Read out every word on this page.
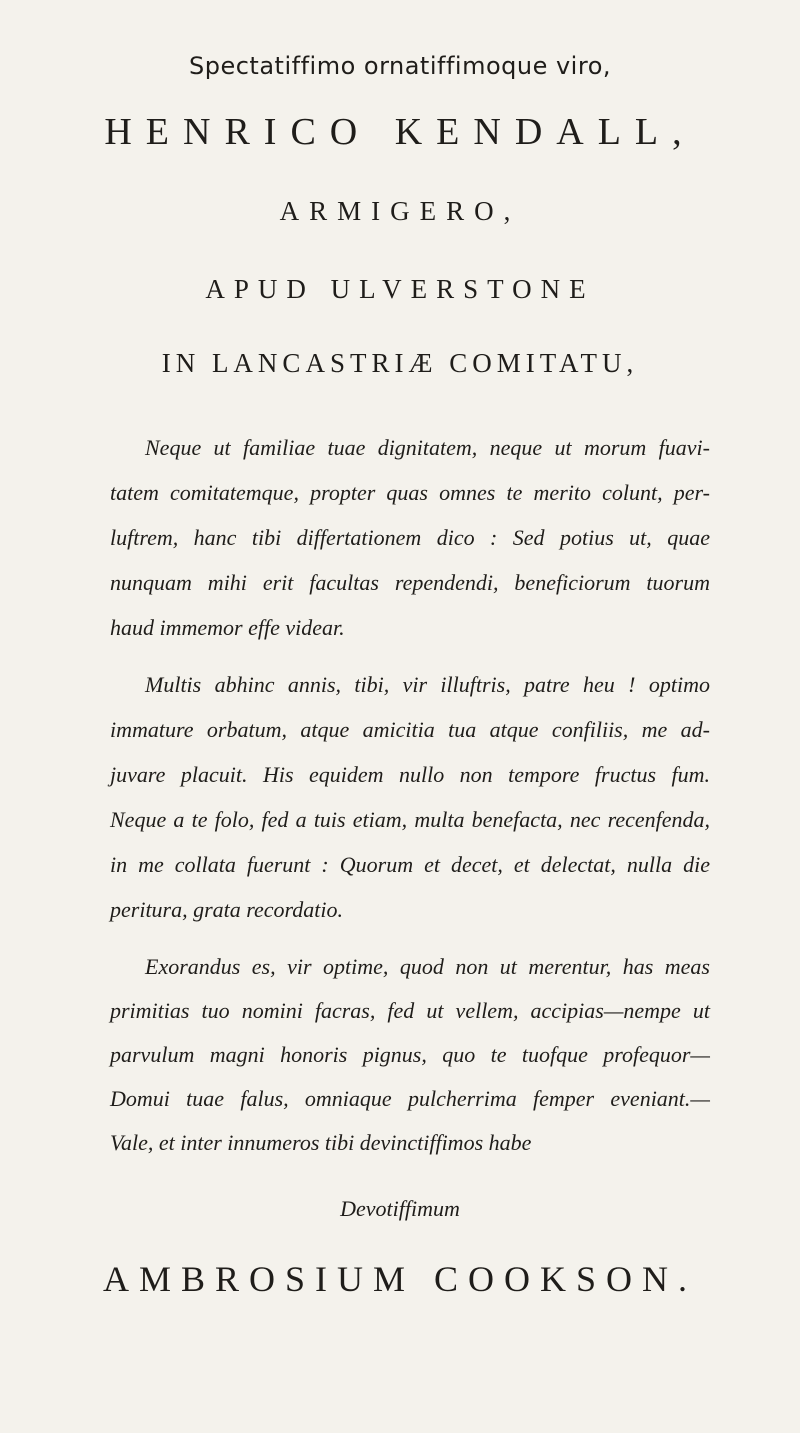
Spectatiffimo ornatiffimoque viro,
HENRICO KENDALL,
ARMIGERO,
APUD ULVERSTONE
IN LANCASTRIÆ COMITATU,
Neque ut familiae tuae dignitatem, neque ut morum fuavi-
tatem comitatemque, propter quas omnes te merito colunt, per-
luftrem, hanc tibi differtationem dico : Sed potius ut, quae
nunquam mihi erit facultas rependendi, beneficiorum tuorum
haud immemor effe videar.
Multis abhinc annis, tibi, vir illuftris, patre heu ! optimo
immature orbatum, atque amicitia tua atque confiliis, me ad-
juvare placuit. His equidem nullo non tempore fructus fum.
Neque a te folo, fed a tuis etiam, multa benefacta, nec recenfenda,
in me collata fuerunt : Quorum et decet, et delectat, nulla die
peritura, grata recordatio.
Exorandus es, vir optime, quod non ut merentur, has meas
primitias tuo nomini facras, fed ut vellem, accipias—nempe ut
parvulum magni honoris pignus, quo te tuofque profequor—
Domui tuae falus, omniaque pulcherrima femper eveniant.—
Vale, et inter innumeros tibi devinctiffimos habe
Devotiffimum
AMBROSIUM COOKSON.
